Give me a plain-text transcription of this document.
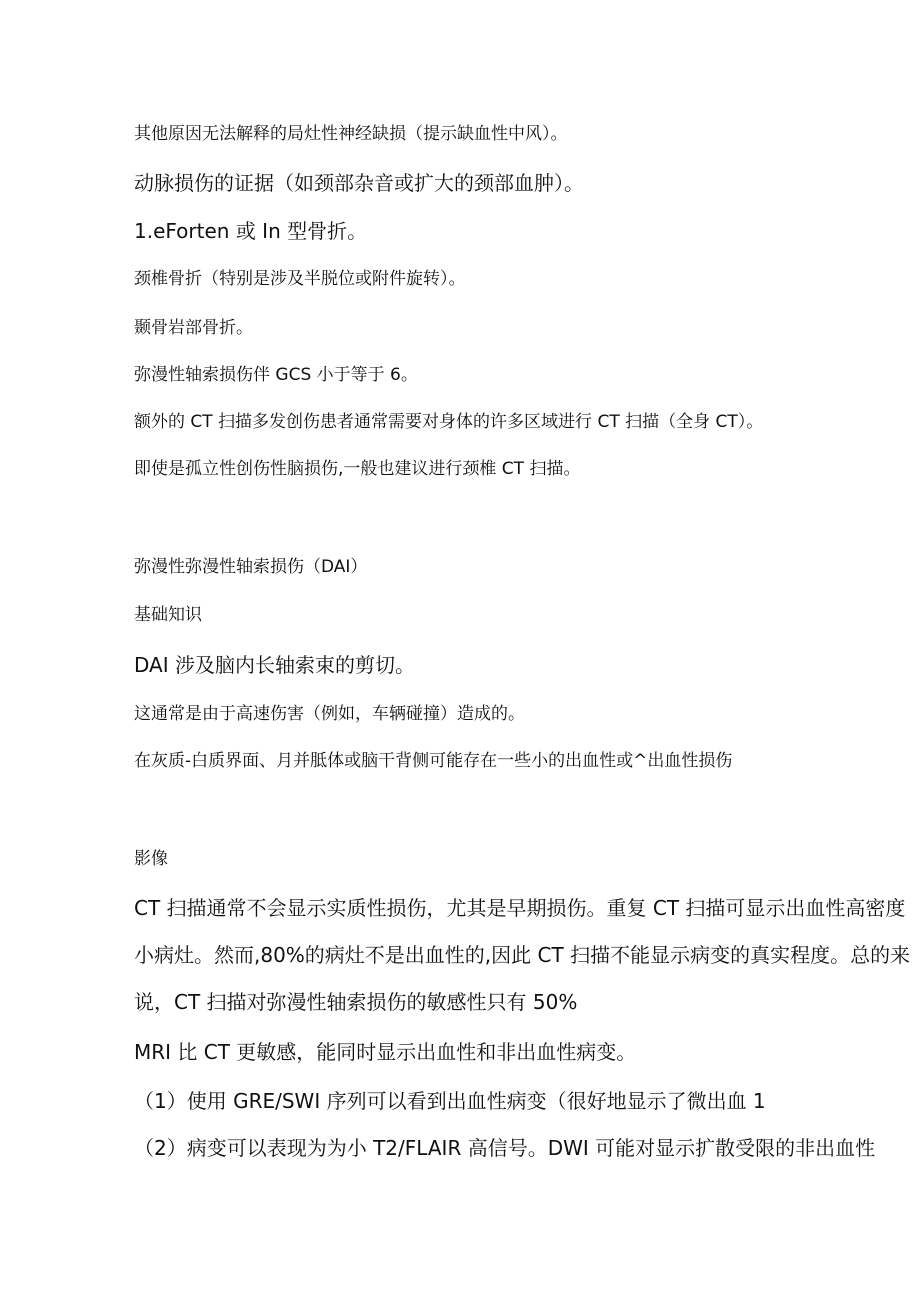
其他原因无法解释的局灶性神经缺损（提示缺血性中风）。
动脉损伤的证据（如颈部杂音或扩大的颈部血肿）。
1.eForten 或 In 型骨折。
颈椎骨折（特别是涉及半脱位或附件旋转）。
颞骨岩部骨折。
弥漫性轴索损伤伴 GCS 小于等于 6。
额外的 CT 扫描多发创伤患者通常需要对身体的许多区域进行 CT 扫描（全身 CT）。
即使是孤立性创伤性脑损伤,一般也建议进行颈椎 CT 扫描。
弥漫性弥漫性轴索损伤（DAI）
基础知识
DAI 涉及脑内长轴索束的剪切。
这通常是由于高速伤害（例如，车辆碰撞）造成的。
在灰质-白质界面、月并胝体或脑干背侧可能存在一些小的出血性或^出血性损伤
影像
CT 扫描通常不会显示实质性损伤，尤其是早期损伤。重复 CT 扫描可显示出血性高密度
小病灶。然而,80%的病灶不是出血性的,因此 CT 扫描不能显示病变的真实程度。总的来
说，CT 扫描对弥漫性轴索损伤的敏感性只有 50%
MRI 比 CT 更敏感，能同时显示出血性和非出血性病变。
（1）使用 GRE/SWI 序列可以看到出血性病变（很好地显示了微出血 1
（2）病变可以表现为为小 T2/FLAIR 高信号。DWI 可能对显示扩散受限的非出血性
